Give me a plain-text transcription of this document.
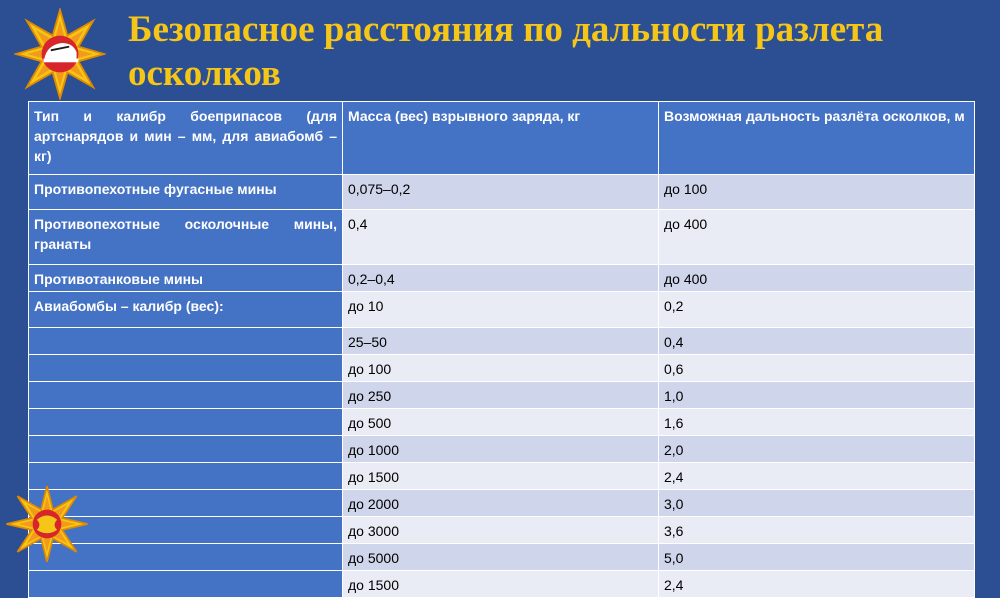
Безопасное расстояния по дальности разлета осколков
Тип и калибр боеприпасов (для артснарядов и мин – мм, для авиабомб – кг)	Масса (вес) взрывного заряда, кг	Возможная дальность разлёта осколков, м
Противопехотные фугасные мины	0,075–0,2	до 100
Противопехотные осколочные мины, гранаты	0,4	до 400
Противотанковые мины	0,2–0,4	до 400
Авиабомбы – калибр (вес):	до 10	0,2
	25–50	0,4
	до 100	0,6
	до 250	1,0
	до 500	1,6
	до 1000	2,0
	до 1500	2,4
	до 2000	3,0
	до 3000	3,6
	до 5000	5,0
	до 1500	2,4
